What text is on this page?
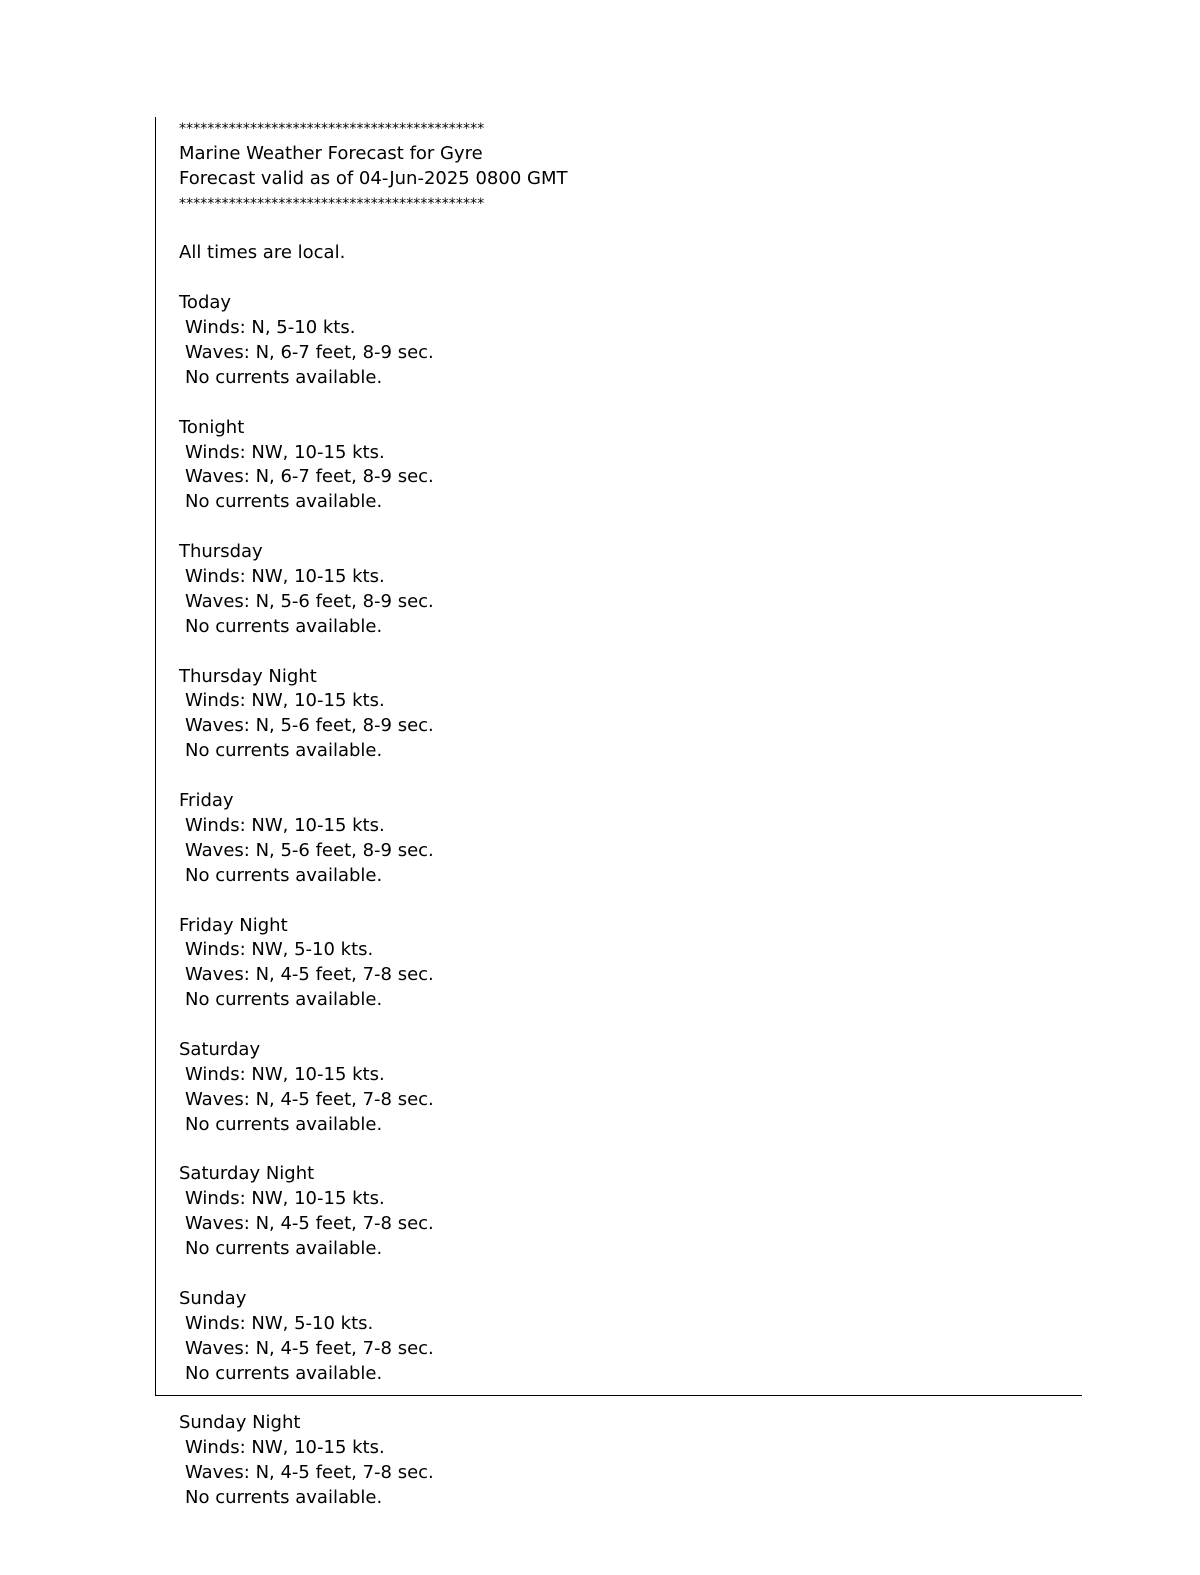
*******************************************
Marine Weather Forecast for Gyre
Forecast valid as of 04-Jun-2025 0800 GMT
*******************************************
All times are local.
Today
Winds: N, 5-10 kts.
Waves: N, 6-7 feet, 8-9 sec.
No currents available.
Tonight
Winds: NW, 10-15 kts.
Waves: N, 6-7 feet, 8-9 sec.
No currents available.
Thursday
Winds: NW, 10-15 kts.
Waves: N, 5-6 feet, 8-9 sec.
No currents available.
Thursday Night
Winds: NW, 10-15 kts.
Waves: N, 5-6 feet, 8-9 sec.
No currents available.
Friday
Winds: NW, 10-15 kts.
Waves: N, 5-6 feet, 8-9 sec.
No currents available.
Friday Night
Winds: NW, 5-10 kts.
Waves: N, 4-5 feet, 7-8 sec.
No currents available.
Saturday
Winds: NW, 10-15 kts.
Waves: N, 4-5 feet, 7-8 sec.
No currents available.
Saturday Night
Winds: NW, 10-15 kts.
Waves: N, 4-5 feet, 7-8 sec.
No currents available.
Sunday
Winds: NW, 5-10 kts.
Waves: N, 4-5 feet, 7-8 sec.
No currents available.
Sunday Night
Winds: NW, 10-15 kts.
Waves: N, 4-5 feet, 7-8 sec.
No currents available.
